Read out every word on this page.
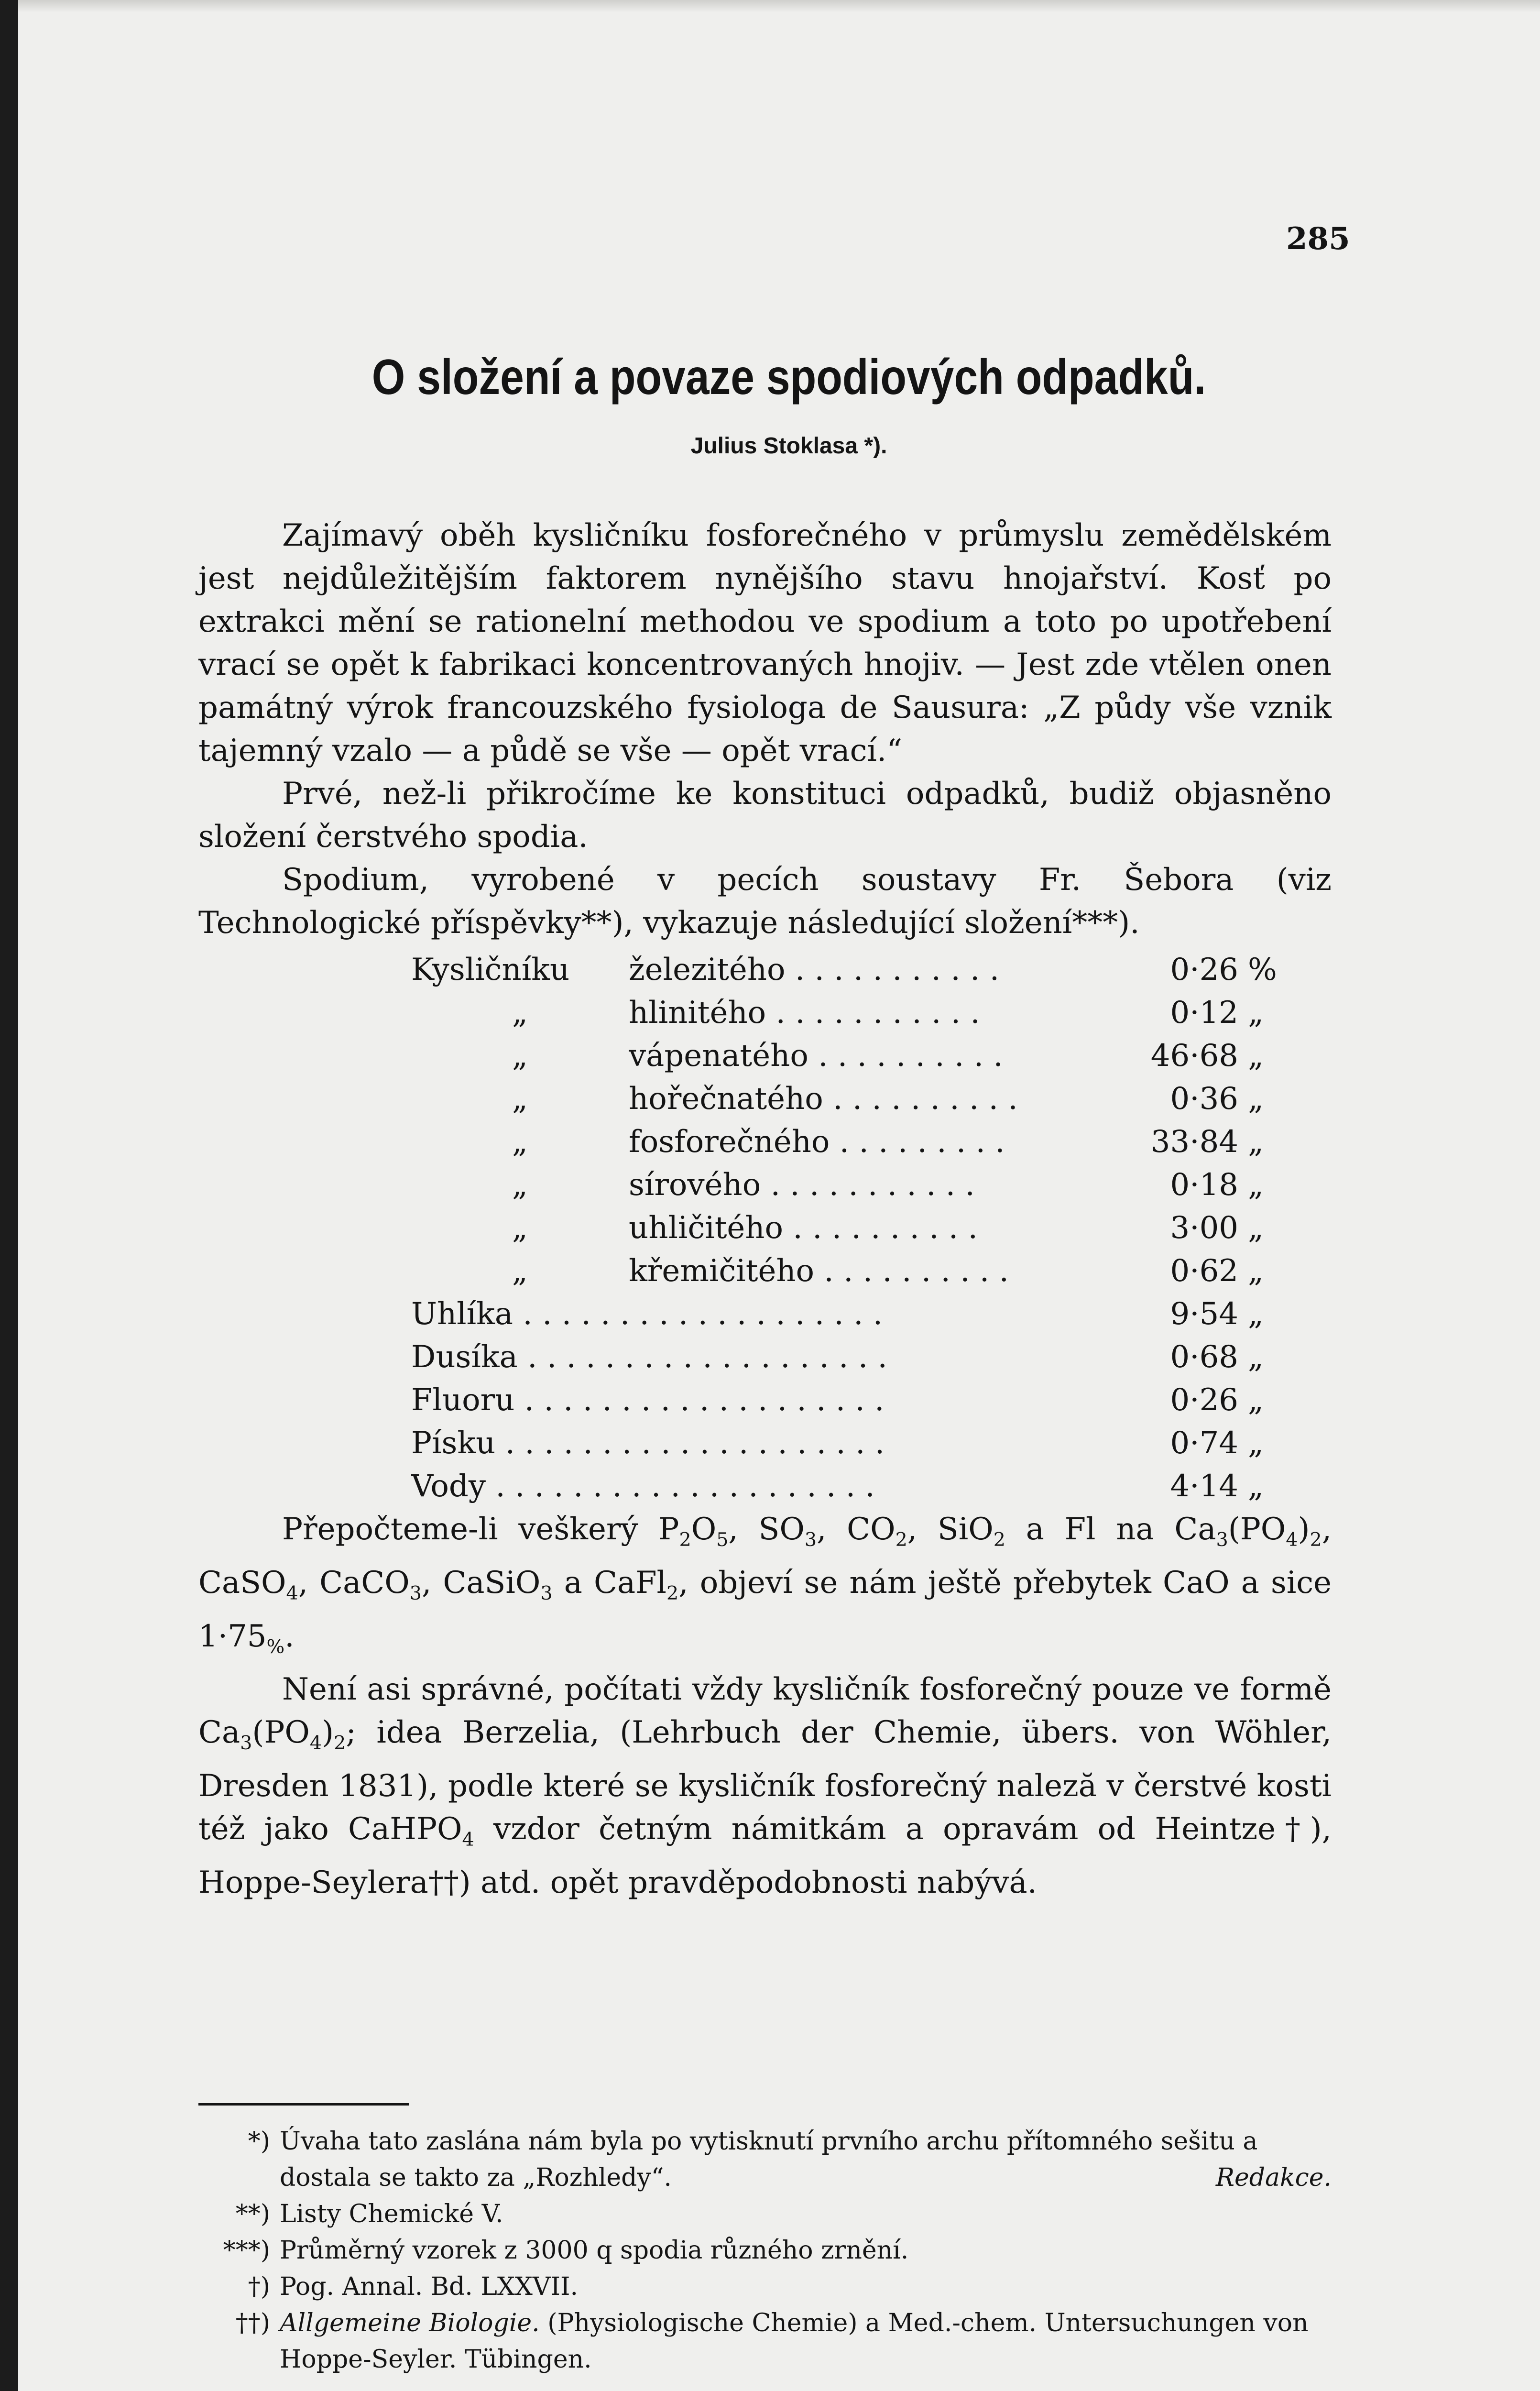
285
O složení a povaze spodiových odpadků.
Julius Stoklasa *).

Zajímavý oběh kysličníku fosforečného v průmyslu zemědělském jest nejdůležitějším faktorem nynějšího stavu hnojařství. Kosť po extrakci mění se rationelní methodou ve spodium a toto po upotřebení vrací se opět k fabrikaci koncentrovaných hnojiv. — Jest zde vtělen onen památný výrok francouzského fysiologa de Sausura: „Z půdy vše vznik tajemný vzalo — a půdě se vše — opět vrací.“

Prvé, než-li přikročíme ke konstituci odpadků, budiž objasněno složení čerstvého spodia.

Spodium, vyrobené v pecích soustavy Fr. Šebora (viz Technologické příspěvky**), vykazuje následující složení***).

Kysličníku	železitého . . . . . . . . . . .	0·26 %
„	hlinitého . . . . . . . . . . .	0·12 „
„	vápenatého . . . . . . . . . .	46·68 „
„	hořečnatého . . . . . . . . . .	0·36 „
„	fosforečného . . . . . . . . .	33·84 „
„	sírového . . . . . . . . . . .	0·18 „
„	uhličitého . . . . . . . . . .	3·00 „
„	křemičitého . . . . . . . . . .	0·62 „
Uhlíka . . . . . . . . . . . . . . . . . . .	9·54 „
Dusíka . . . . . . . . . . . . . . . . . . .	0·68 „
Fluoru . . . . . . . . . . . . . . . . . . .	0·26 „
Písku . . . . . . . . . . . . . . . . . . . .	0·74 „
Vody . . . . . . . . . . . . . . . . . . . .	4·14 „

Přepočteme-li veškerý $P_2O_5$, $SO_3$, $CO_2$, SiO$_2$ a Fl na $Ca_3(PO_4)_2$, CaSO$_4$, CaCO$_3$, CaSiO$_3$ a CaFl$_2$, objeví se nám ještě přebytek CaO a sice $1\cdot 75_{\%}$.

Není asi správné, počítati vždy kysličník fosforečný pouze ve formě $Ca_3(PO_4)_2$; idea Berzelia, (Lehrbuch der Chemie, übers. von Wöhler, Dresden 1831), podle které se kysličník fosforečný naleză v čerstvé kosti též jako CaHPO$_4$ vzdor četným námitkám a opravám od Heintze†), Hoppe-Seylera††) atd. opět pravděpodobnosti nabývá.

*) Úvaha tato zaslána nám byla po vytisknutí prvního archu přítomného sešitu a dostala se takto za „Rozhledy“.	Redakce.
**) Listy Chemické V.
***) Průměrný vzorek z 3000 q spodia různého zrnění.
†) Pog. Annal. Bd. LXXVII.
††) Allgemeine Biologie. (Physiologische Chemie) a Med.-chem. Untersuchungen von Hoppe-Seyler. Tübingen.
